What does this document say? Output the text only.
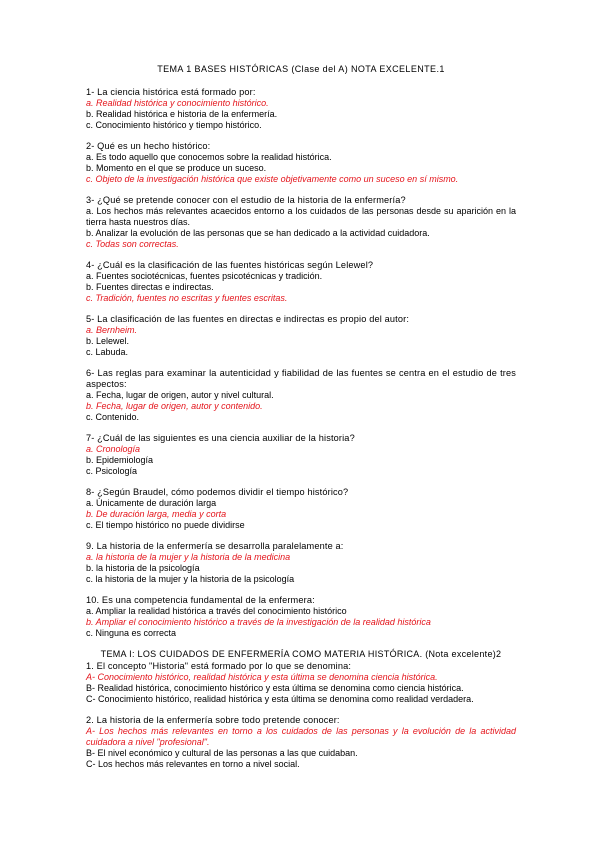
TEMA 1 BASES HISTÓRICAS (Clase del A) NOTA EXCELENTE.1
1- La ciencia histórica está formado por:
a. Realidad histórica y conocimiento histórico.
b. Realidad histórica e historia de la enfermería.
c. Conocimiento histórico y tiempo histórico.
2- Qué es un hecho histórico:
a. Es todo aquello que conocemos sobre la realidad histórica.
b. Momento en el que se produce un suceso.
c. Objeto de la investigación histórica que existe objetivamente como un suceso en sí mismo.
3- ¿Qué se pretende conocer con el estudio de la historia de la enfermería?
a. Los hechos más relevantes acaecidos entorno a los cuidados de las personas desde su aparición en la tierra hasta nuestros días.
b. Analizar la evolución de las personas que se han dedicado a la actividad cuidadora.
c. Todas son correctas.
4- ¿Cuál es la clasificación de las fuentes históricas según Lelewel?
a. Fuentes sociotécnicas, fuentes psicotécnicas y tradición.
b. Fuentes directas e indirectas.
c. Tradición, fuentes no escritas y fuentes escritas.
5- La clasificación de las fuentes en directas e indirectas es propio del autor:
a. Bernheim.
b. Lelewel.
c. Labuda.
6- Las reglas para examinar la autenticidad y fiabilidad de las fuentes se centra en el estudio de tres aspectos:
a. Fecha, lugar de origen, autor y nivel cultural.
b. Fecha, lugar de origen, autor y contenido.
c. Contenido.
7- ¿Cuál de las siguientes es una ciencia auxiliar de la historia?
a. Cronología
b. Epidemiología
c. Psicología
8- ¿Según Braudel, cómo podemos dividir el tiempo histórico?
a. Únicamente de duración larga
b. De duración larga, media y corta
c. El tiempo histórico no puede dividirse
9. La historia de la enfermería se desarrolla paralelamente a:
a. la historia de la mujer y la historia de la medicina
b. la historia de la psicología
c. la historia de la mujer y la historia de la psicología
10. Es una competencia fundamental de la enfermera:
a. Ampliar la realidad histórica a través del conocimiento histórico
b. Ampliar el conocimiento histórico a través de la investigación de la realidad histórica
c. Ninguna es correcta
TEMA I: LOS CUIDADOS DE ENFERMERÍA COMO MATERIA HISTÓRICA. (Nota excelente)2
1. El concepto "Historia" está formado por lo que se denomina:
A- Conocimiento histórico, realidad histórica y esta última se denomina ciencia histórica.
B- Realidad histórica, conocimiento histórico y esta última se denomina como ciencia histórica.
C- Conocimiento histórico, realidad histórica y esta última se denomina como realidad verdadera.
2. La historia de la enfermería sobre todo pretende conocer:
A- Los hechos más relevantes en torno a los cuidados de las personas y la evolución de la actividad cuidadora a nivel "profesional".
B- El nivel económico y cultural de las personas a las que cuidaban.
C- Los hechos más relevantes en torno a nivel social.
